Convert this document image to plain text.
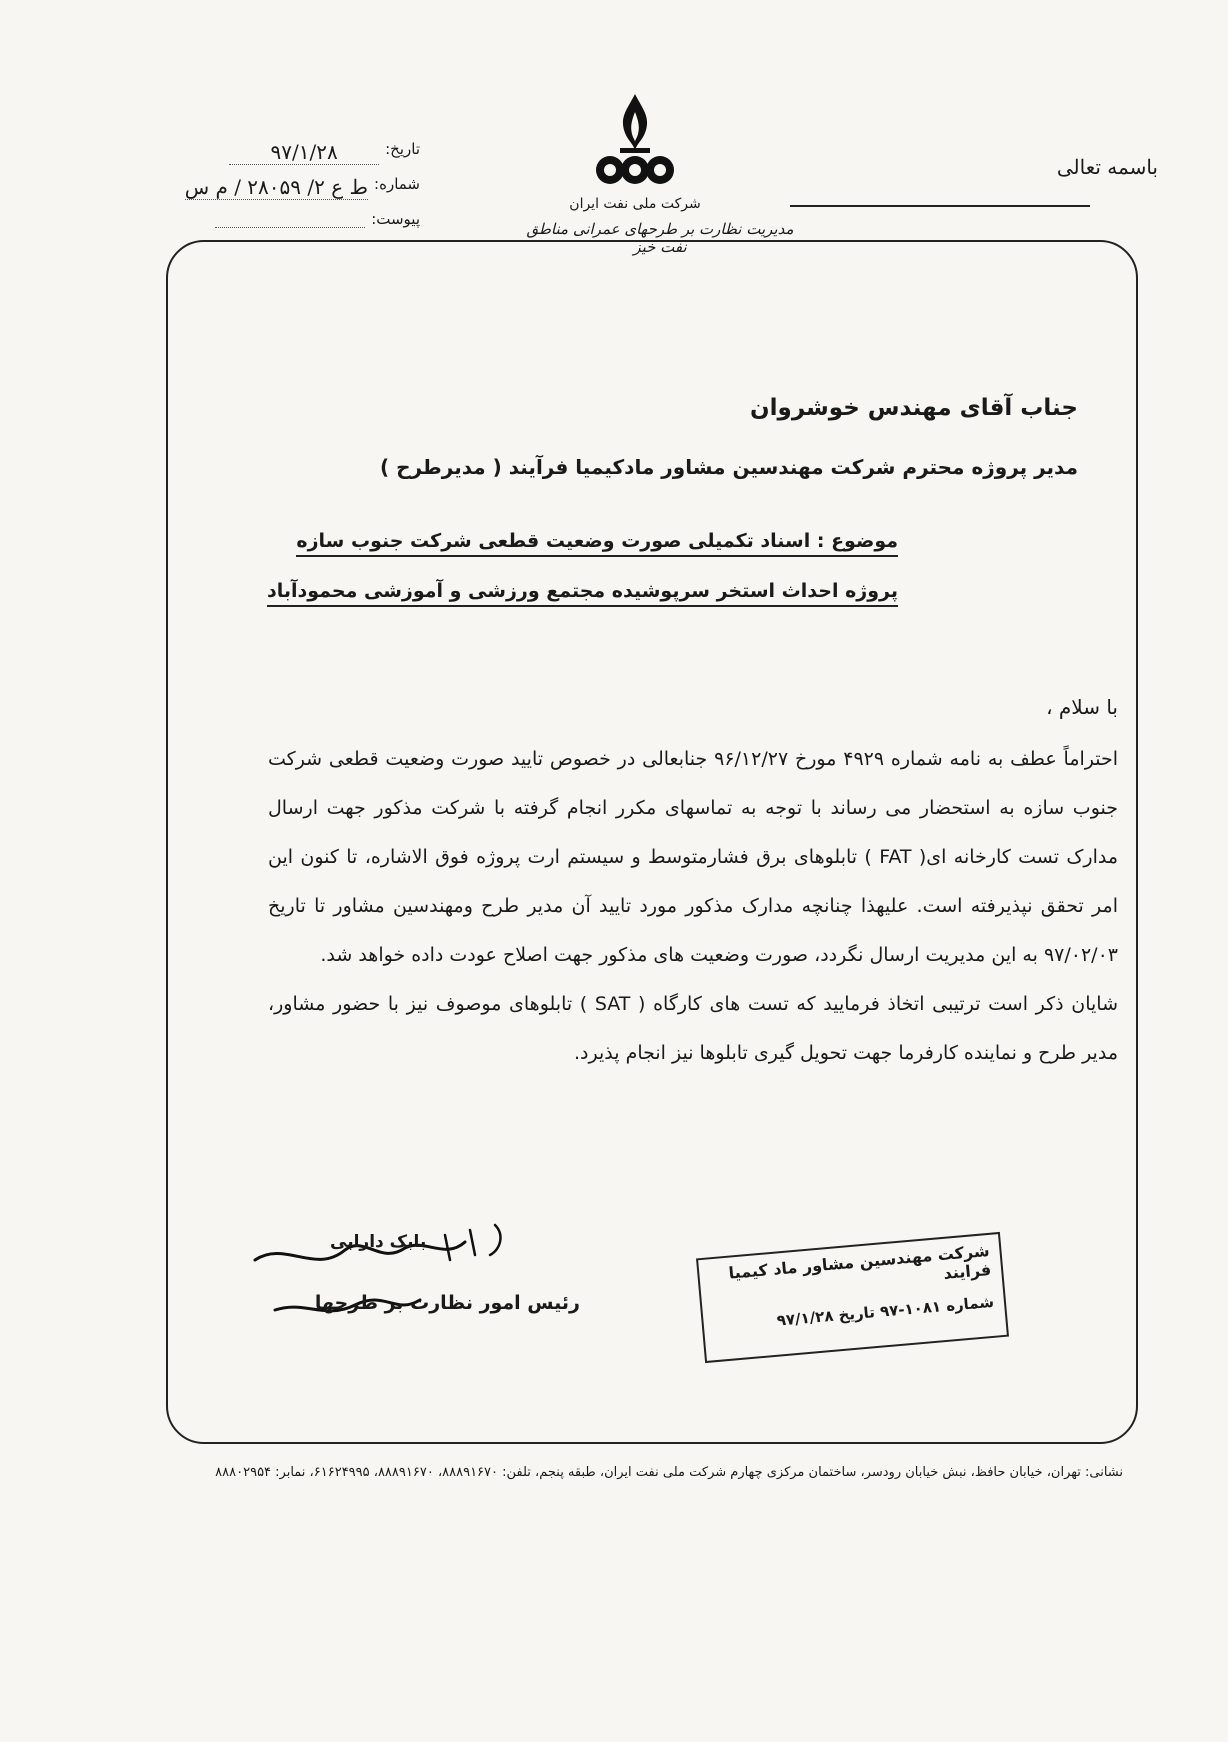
باسمه تعالی
تاریخ:
۹۷/۱/۲۸
شماره:
ط ع ۲/ ۲۸۰۵۹ / م س
پیوست:
شرکت ملی نفت ایران
مدیریت نظارت بر طرحهای عمرانی مناطق نفت خیز
جناب آقای مهندس خوشروان
مدیر پروژه محترم شرکت مهندسین مشاور مادکیمیا فرآیند ( مدیرطرح )
موضوع : اسناد تکمیلی صورت وضعیت قطعی شرکت جنوب سازه
پروژه احداث استخر سرپوشیده مجتمع ورزشی و آموزشی محمودآباد
با سلام ،

احتراماً عطف به نامه شماره ۴۹۲۹ مورخ ۹۶/۱۲/۲۷ جنابعالی در خصوص تایید صورت وضعیت قطعی شرکت جنوب سازه به استحضار می رساند با توجه به تماسهای مکرر انجام گرفته با شرکت مذکور جهت ارسال مدارک تست کارخانه ای( FAT ) تابلوهای برق فشارمتوسط و سیستم ارت پروژه فوق الاشاره، تا کنون این امر تحقق نپذیرفته است. علیهذا چنانچه مدارک مذکور مورد تایید آن مدیر طرح ومهندسین مشاور تا تاریخ ۹۷/۰۲/۰۳ به این مدیریت ارسال نگردد، صورت وضعیت های مذکور جهت اصلاح عودت داده خواهد شد.

شایان ذکر است ترتیبی اتخاذ فرمایید که تست های کارگاه ( SAT ) تابلوهای موصوف نیز با حضور مشاور، مدیر طرح و نماینده کارفرما جهت تحویل گیری تابلوها نیز انجام پذیرد.

بابک دارابی
رئیس امور نظارت بر طرحها
شرکت مهندسین مشاور ماد کیمیا فرایند
شماره ۱۰۸۱-۹۷ تاریخ ۹۷/۱/۲۸
نشانی: تهران، خیابان حافظ، نبش خیابان رودسر، ساختمان مرکزی چهارم شرکت ملی نفت ایران، طبقه پنجم، تلفن: ۸۸۸۹۱۶۷۰، ۸۸۸۹۱۶۷۰، ۶۱۶۲۴۹۹۵، نمابر: ۸۸۸۰۲۹۵۴
